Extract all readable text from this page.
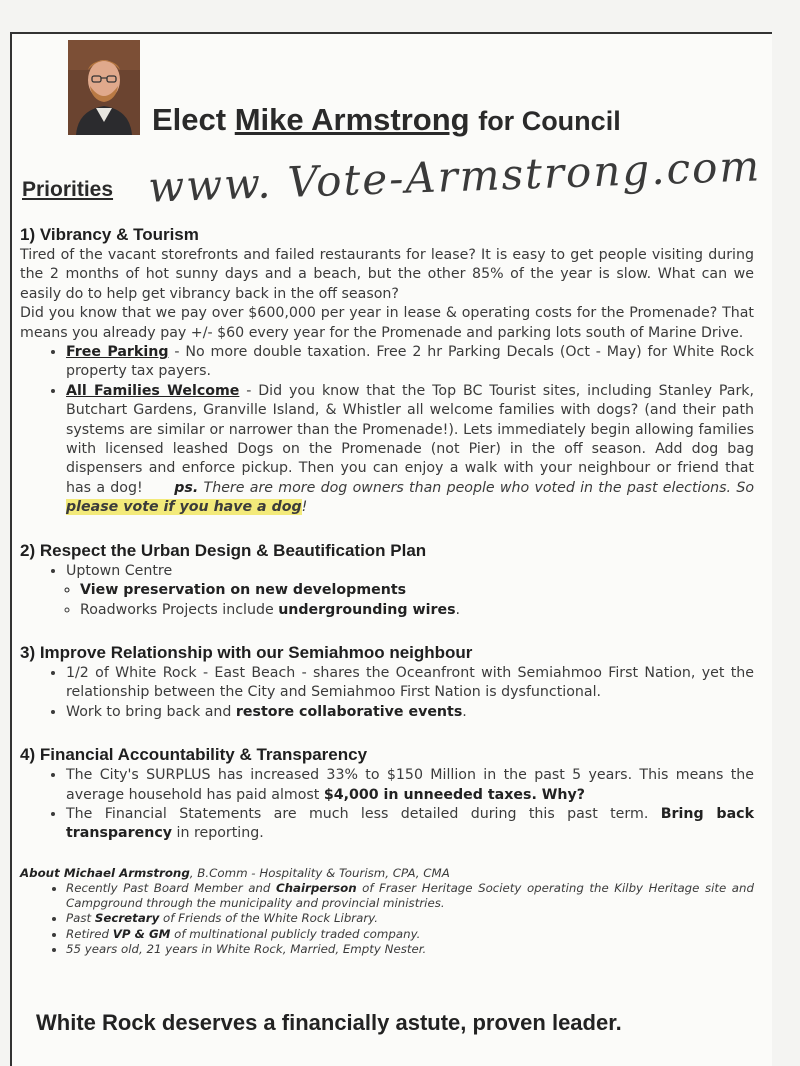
Elect Mike Armstrong for Council
Priorities www. Vote-Armstrong.com
1) Vibrancy & Tourism

Tired of the vacant storefronts and failed restaurants for lease? It is easy to get people visiting during the 2 months of hot sunny days and a beach, but the other 85% of the year is slow. What can we easily do to help get vibrancy back in the off season?

Did you know that we pay over $600,000 per year in lease & operating costs for the Promenade? That means you already pay +/- $60 every year for the Promenade and parking lots south of Marine Drive.

• Free Parking - No more double taxation. Free 2 hr Parking Decals (Oct - May) for White Rock property tax payers.
• All Families Welcome - Did you know that the Top BC Tourist sites, including Stanley Park, Butchart Gardens, Granville Island, & Whistler all welcome families with dogs? (and their path systems are similar or narrower than the Promenade!). Lets immediately begin allowing families with licensed leashed Dogs on the Promenade (not Pier) in the off season. Add dog bag dispensers and enforce pickup. Then you can enjoy a walk with your neighbour or friend that has a dog! ps. There are more dog owners than people who voted in the past elections. So please vote if you have a dog!
2) Respect the Urban Design & Beautification Plan
• Uptown Centre
◦ View preservation on new developments
◦ Roadworks Projects include undergrounding wires.
3) Improve Relationship with our Semiahmoo neighbour
• 1/2 of White Rock - East Beach - shares the Oceanfront with Semiahmoo First Nation, yet the relationship between the City and Semiahmoo First Nation is dysfunctional.
• Work to bring back and restore collaborative events.
4) Financial Accountability & Transparency
• The City's SURPLUS has increased 33% to $150 Million in the past 5 years. This means the average household has paid almost $4,000 in unneeded taxes. Why?
• The Financial Statements are much less detailed during this past term. Bring back transparency in reporting.
About Michael Armstrong, B.Comm - Hospitality & Tourism, CPA, CMA
• Recently Past Board Member and Chairperson of Fraser Heritage Society operating the Kilby Heritage site and Campground through the municipality and provincial ministries.
• Past Secretary of Friends of the White Rock Library.
• Retired VP & GM of multinational publicly traded company.
• 55 years old, 21 years in White Rock, Married, Empty Nester.
White Rock deserves a financially astute, proven leader.
